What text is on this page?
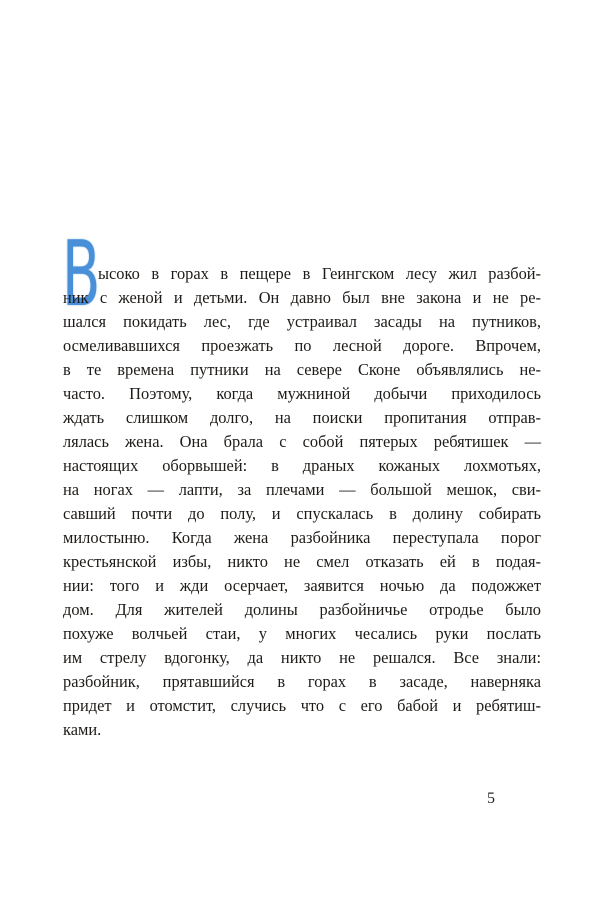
В
ысоко в горах в пещере в Геингском лесу жил разбой-
ник с женой и детьми. Он давно был вне закона и не ре-
шался покидать лес, где устраивал засады на путников,
осмеливавшихся проезжать по лесной дороге. Впрочем,
в те времена путники на севере Сконе объявлялись не-
часто. Поэтому, когда мужниной добычи приходилось
ждать слишком долго, на поиски пропитания отправ-
лялась жена. Она брала с собой пятерых ребятишек —
настоящих оборвышей: в драных кожаных лохмотьях,
на ногах — лапти, за плечами — большой мешок, сви-
савший почти до полу, и спускалась в долину собирать
милостыню. Когда жена разбойника переступала порог
крестьянской избы, никто не смел отказать ей в подая-
нии: того и жди осерчает, заявится ночью да подожжет
дом. Для жителей долины разбойничье отродье было
похуже волчьей стаи, у многих чесались руки послать
им стрелу вдогонку, да никто не решался. Все знали:
разбойник, прятавшийся в горах в засаде, наверняка
придет и отомстит, случись что с его бабой и ребятиш-
ками.
5
